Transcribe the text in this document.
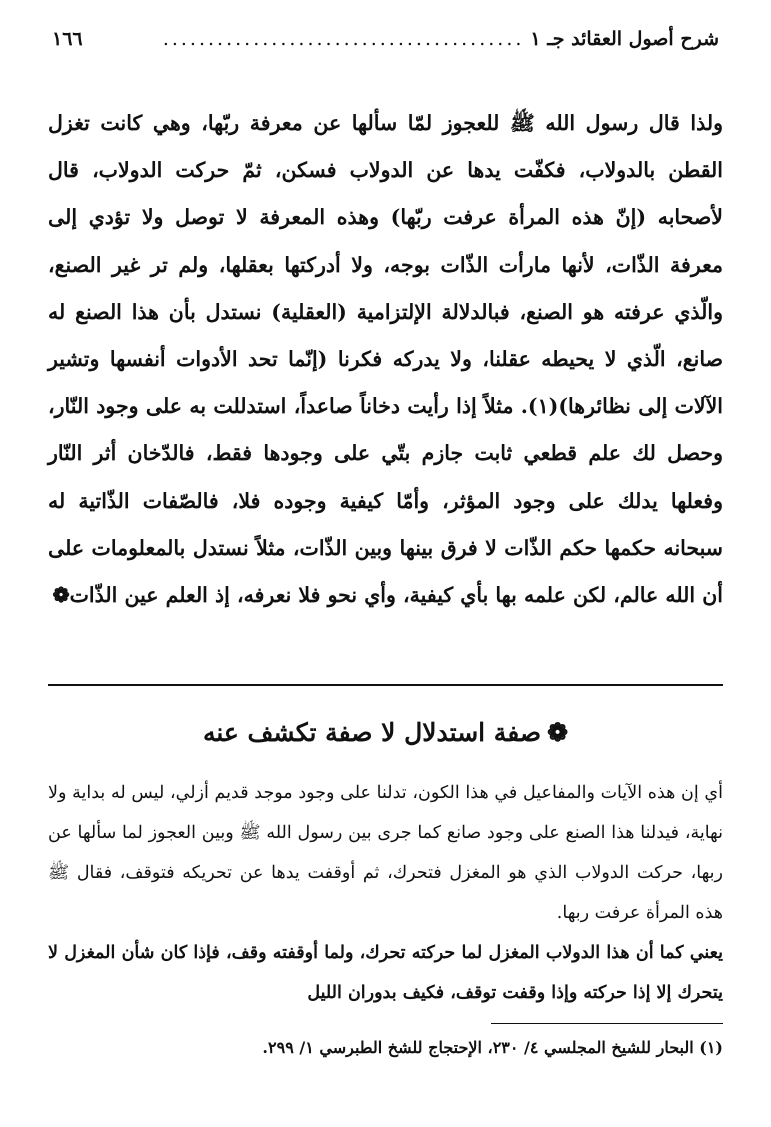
١٦٦	شرح أصول العقائد جـ ١
........................................

ولذا قال رسول الله ﷺ للعجوز لمّا سألها عن معرفة ربّها، وهي كانت تغزل القطن بالدولاب، فكفّت يدها عن الدولاب فسكن، ثمّ حركت الدولاب، قال لأصحابه (إنّ هذه المرأة عرفت ربّها) وهذه المعرفة لا توصل ولا تؤدي إلى معرفة الذّات، لأنها مارأت الذّات بوجه، ولا أدركتها بعقلها، ولم تر غير الصنع، والّذي عرفته هو الصنع، فبالدلالة الإلتزامية (العقلية) نستدل بأن هذا الصنع له صانع، الّذي لا يحيطه عقلنا، ولا يدركه فكرنا (إنّما تحد الأدوات أنفسها وتشير الآلات إلى نظائرها)(١). مثلاً إذا رأيت دخاناً صاعداً، استدللت به على وجود النّار، وحصل لك علم قطعي ثابت جازم بتّي على وجودها فقط، فالدّخان أثر النّار وفعلها يدلك على وجود المؤثر، وأمّا كيفية وجوده فلا، فالصّفات الذّاتية له سبحانه حكمها حكم الذّات لا فرق بينها وبين الذّات، مثلاً نستدل بالمعلومات على أن الله عالم، لكن علمه بها بأي كيفية، وأي نحو فلا نعرفه، إذ العلم عين الذّات❁

❁صفة استدلال لا صفة تكشف عنه

أي إن هذه الآيات والمفاعيل في هذا الكون، تدلنا على وجود موجد قديم أزلي، ليس له بداية ولا نهاية، فيدلنا هذا الصنع على وجود صانع كما جرى بين رسول الله ﷺ وبين العجوز لما سألها عن ربها، حركت الدولاب الذي هو المغزل فتحرك، ثم أوقفت يدها عن تحريكه فتوقف، فقال ﷺ هذه المرأة عرفت ربها.

يعني كما أن هذا الدولاب المغزل لما حركته تحرك، ولما أوقفته وقف، فإذا كان شأن المغزل لا يتحرك إلا إذا حركته وإذا وقفت توقف، فكيف بدوران الليل

(١) البحار للشيخ المجلسي ٤/ ٢٣٠، الإحتجاج للشخ الطبرسي ١/ ٢٩٩.
